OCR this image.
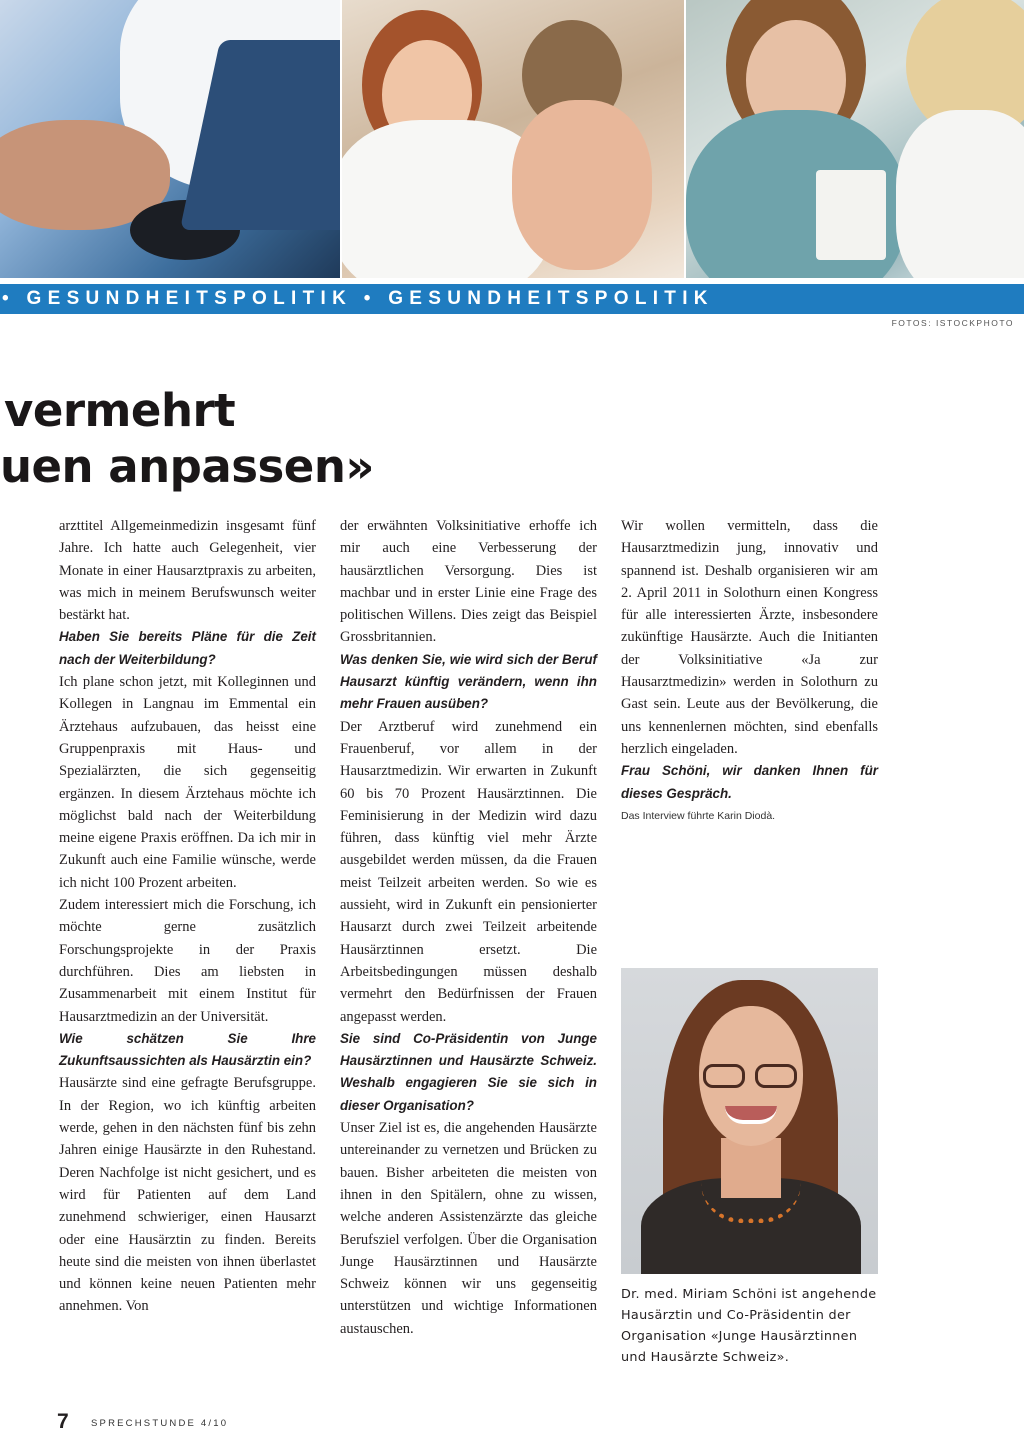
• GESUNDHEITSPOLITIK • GESUNDHEITSPOLITIK
FOTOS: ISTOCKPHOTO
vermehrt
uen anpassen»

arzttitel Allgemeinmedizin insgesamt fünf Jahre. Ich hatte auch Gelegenheit, vier Monate in einer Hausarztpraxis zu arbeiten, was mich in meinem Berufswunsch weiter bestärkt hat.

Haben Sie bereits Pläne für die Zeit nach der Weiterbildung?

Ich plane schon jetzt, mit Kolleginnen und Kollegen in Langnau im Emmental ein Ärztehaus aufzubauen, das heisst eine Gruppenpraxis mit Haus- und Spezialärzten, die sich gegenseitig ergänzen. In diesem Ärztehaus möchte ich möglichst bald nach der Weiterbildung meine eigene Praxis eröffnen. Da ich mir in Zukunft auch eine Familie wünsche, werde ich nicht 100 Prozent arbeiten.

Zudem interessiert mich die Forschung, ich möchte gerne zusätzlich Forschungsprojekte in der Praxis durchführen. Dies am liebsten in Zusammenarbeit mit einem Institut für Hausarztmedizin an der Universität.

Wie schätzen Sie Ihre Zukunftsaussichten als Hausärztin ein?

Hausärzte sind eine gefragte Berufsgruppe. In der Region, wo ich künftig arbeiten werde, gehen in den nächsten fünf bis zehn Jahren einige Hausärzte in den Ruhestand. Deren Nachfolge ist nicht gesichert, und es wird für Patienten auf dem Land zunehmend schwieriger, einen Hausarzt oder eine Hausärztin zu finden. Bereits heute sind die meisten von ihnen überlastet und können keine neuen Patienten mehr annehmen. Von

der erwähnten Volksinitiative erhoffe ich mir auch eine Verbesserung der hausärztlichen Versorgung. Dies ist machbar und in erster Linie eine Frage des politischen Willens. Dies zeigt das Beispiel Grossbritannien.

Was denken Sie, wie wird sich der Beruf Hausarzt künftig verändern, wenn ihn mehr Frauen ausüben?

Der Arztberuf wird zunehmend ein Frauenberuf, vor allem in der Hausarztmedizin. Wir erwarten in Zukunft 60 bis 70 Prozent Hausärztinnen. Die Feminisierung in der Medizin wird dazu führen, dass künftig viel mehr Ärzte ausgebildet werden müssen, da die Frauen meist Teilzeit arbeiten werden. So wie es aussieht, wird in Zukunft ein pensionierter Hausarzt durch zwei Teilzeit arbeitende Hausärztinnen ersetzt. Die Arbeitsbedingungen müssen deshalb vermehrt den Bedürfnissen der Frauen angepasst werden.

Sie sind Co-Präsidentin von Junge Hausärztinnen und Hausärzte Schweiz. Weshalb engagieren Sie sie sich in dieser Organisation?

Unser Ziel ist es, die angehenden Hausärzte untereinander zu vernetzen und Brücken zu bauen. Bisher arbeiteten die meisten von ihnen in den Spitälern, ohne zu wissen, welche anderen Assistenzärzte das gleiche Berufsziel verfolgen. Über die Organisation Junge Hausärztinnen und Hausärzte Schweiz können wir uns gegenseitig unterstützen und wichtige Informationen austauschen.

Wir wollen vermitteln, dass die Hausarztmedizin jung, innovativ und spannend ist. Deshalb organisieren wir am 2. April 2011 in Solothurn einen Kongress für alle interessierten Ärzte, insbesondere zukünftige Hausärzte. Auch die Initianten der Volksinitiative «Ja zur Hausarztmedizin» werden in Solothurn zu Gast sein. Leute aus der Bevölkerung, die uns kennenlernen möchten, sind ebenfalls herzlich eingeladen.

Frau Schöni, wir danken Ihnen für dieses Gespräch.

Das Interview führte Karin Diodà.

Dr. med. Miriam Schöni ist angehende Hausärztin und Co-Präsidentin der Organisation «Junge Hausärztinnen und Hausärzte Schweiz».
7 SPRECHSTUNDE 4/10
